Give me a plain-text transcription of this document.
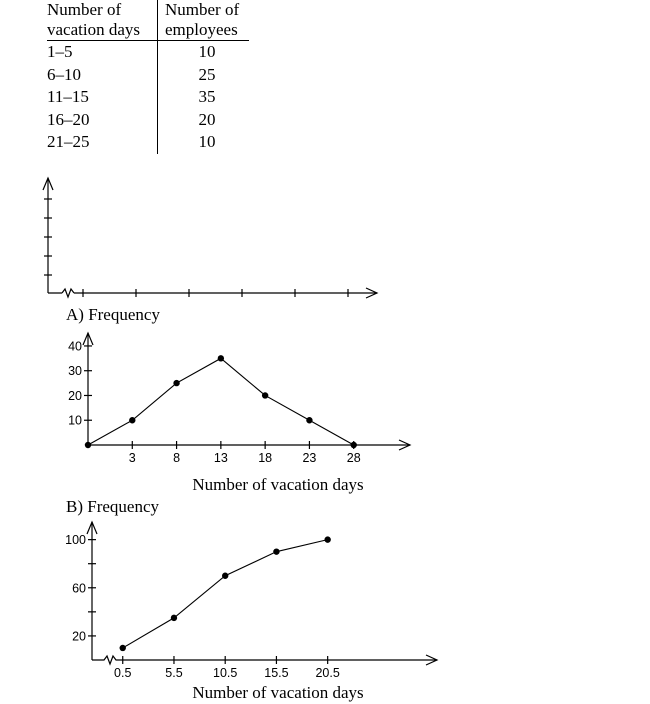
Number of	Number of
vacation days	employees
1–5	10
6–10	25
11–15	35
16–20	20
21–25	10
A) Frequency
10
20
30
40
3	8	13 18 23 28
Number of vacation days
B) Frequency
20
60
100
0.5	5.5 10.5 15.5 20.5
Number of vacation days
